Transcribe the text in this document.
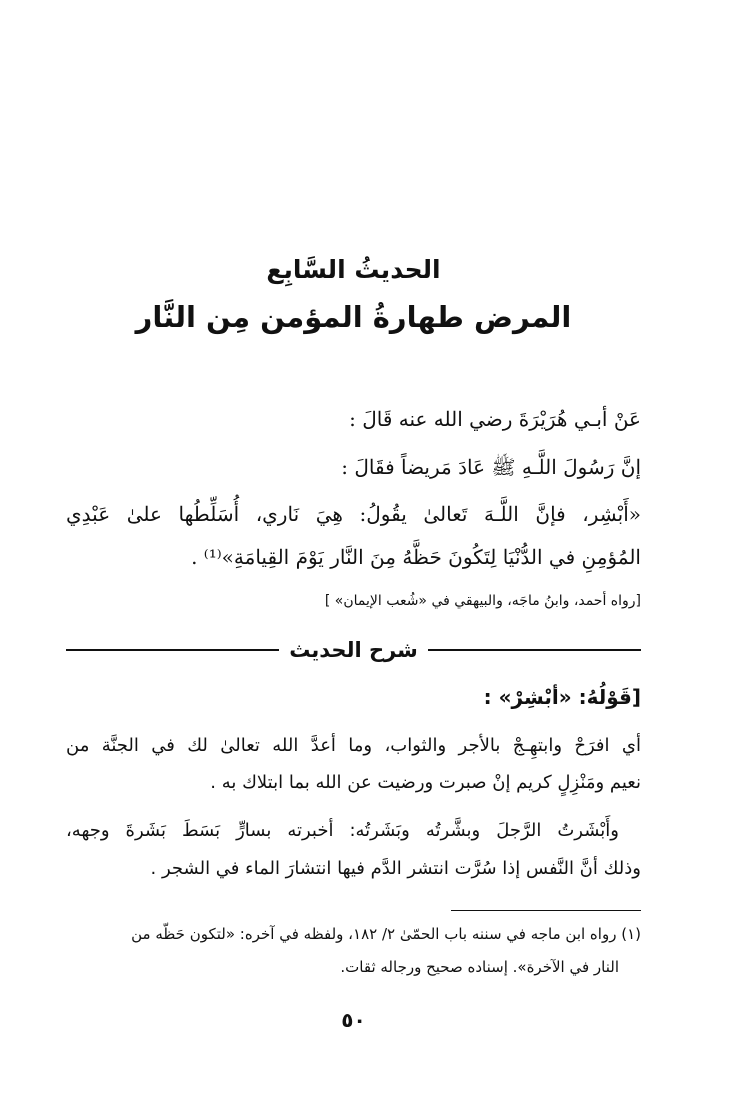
الحديثُ السَّابِع
المرض طهارةُ المؤمن مِن النَّار
عَنْ أبـي هُرَيْرَةَ رضي الله عنه قَالَ :
إنَّ رَسُولَ اللَّـهِ ﷺ عَادَ مَريضاً فقَالَ :
«أَبْشِر، فإنَّ اللَّـهَ تَعالىٰ يقُولُ: هِيَ نَاري، أُسَلِّطُها علىٰ عَبْدِي
المُؤمِنِ في الدُّنْيَا لِتَكُونَ حَظَّهُ مِنَ النَّار يَوْمَ القِيامَةِ»⁽¹⁾ .
[رواه أحمد، وابنُ ماجَه، والبيهقي في «شُعب الإيمان» ]
شرح الحديث
[قَوْلُهُ: «أبْشِرْ» :
أي افرَحْ وابتهِـجْ بالأجر والثواب، وما أعدَّ الله تعالىٰ لك في الجنَّة من
نعيم ومَنْزِلٍ كريم إنْ صبرت ورضيت عن الله بما ابتلاك به .
وأَبْشَرتُ الرَّجلَ وبشَّرتُه وبَشَرتُه: أخبرته بسارٍّ بَسَطَ بَشَرةَ وجهه،
وذلك أنَّ النَّفس إذا سُرَّت انتشر الدَّم فيها انتشارَ الماء في الشجر .
(١) رواه ابن ماجه في سننه باب الحمّىٰ ٢/ ١٨٢، ولفظه في آخره: «لتكون حَظّه من
النار في الآخرة». إسناده صحيح ورجاله ثقات.
٥٠
